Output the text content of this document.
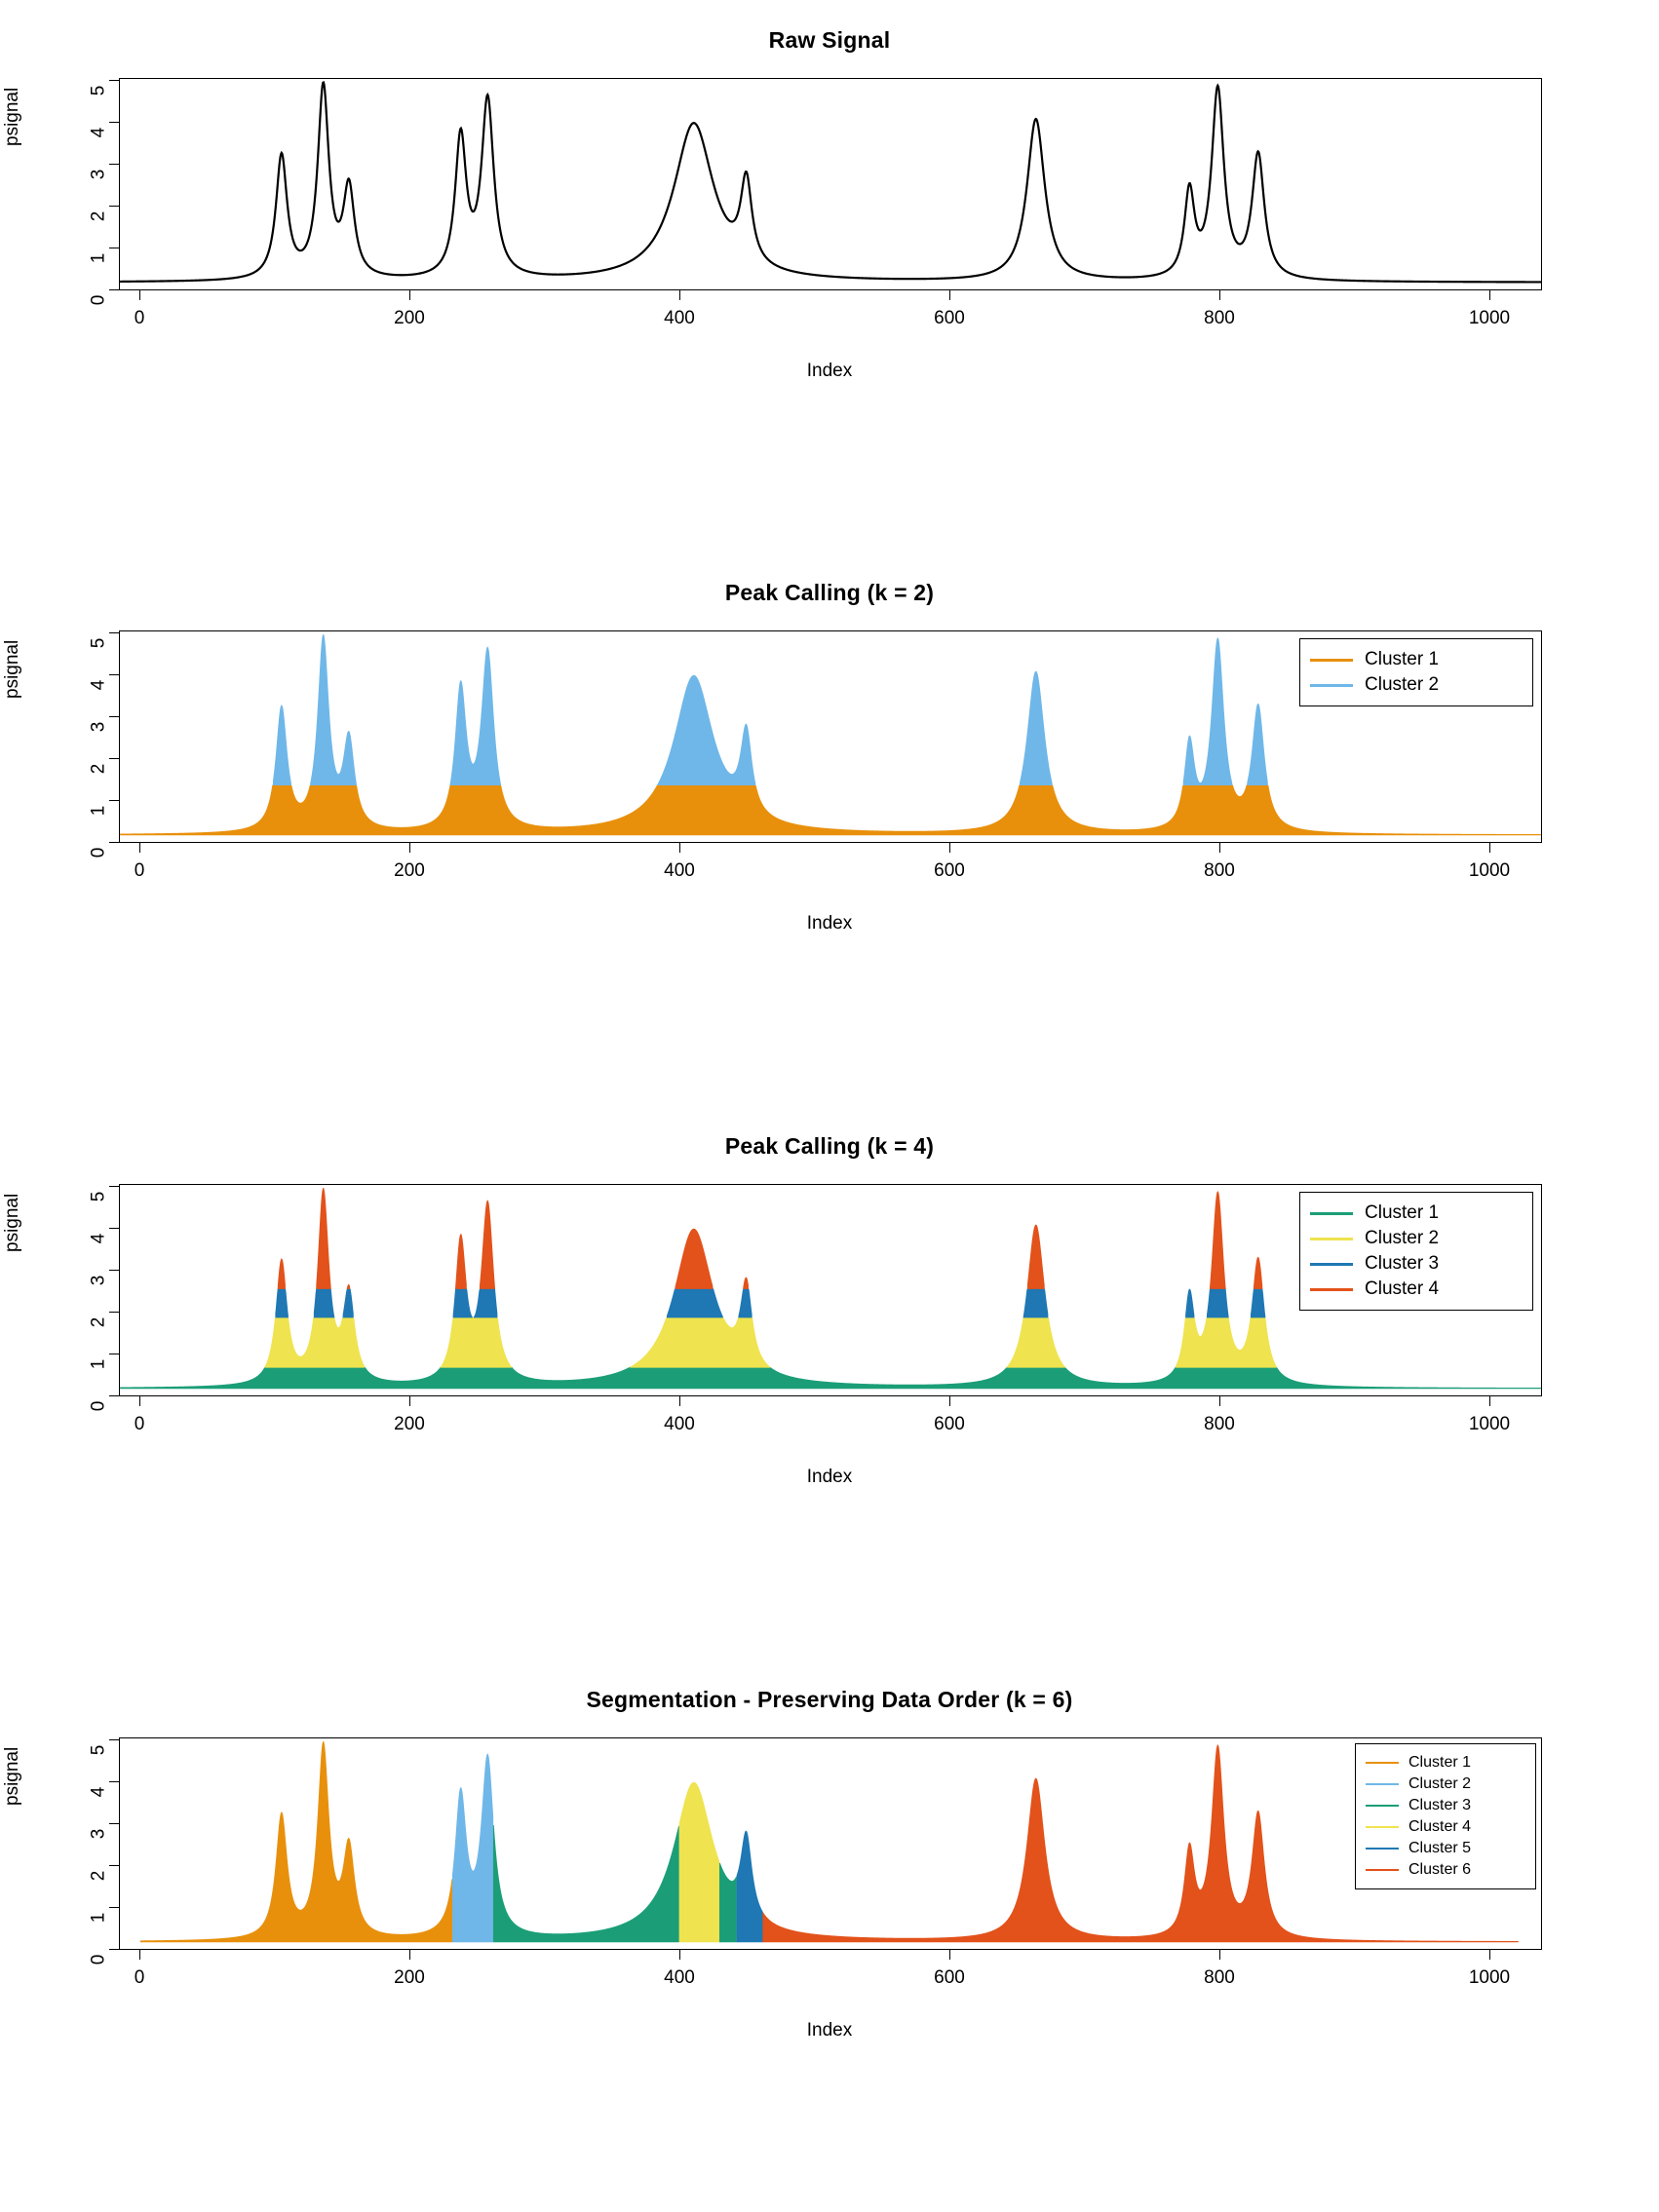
Raw Signal
psignal
0
1
2
3
4
5
0	200	400	600	800	1000
Index
Peak Calling (k = 2)
psignal
0
1
2
3
4
5
Cluster 1
Cluster 2
0	200	400	600	800	1000
Index
Peak Calling (k = 4)
psignal
0
1
2
3
4
5
Cluster 1
Cluster 2
Cluster 3
Cluster 4
0	200	400	600	800	1000
Index
Segmentation - Preserving Data Order (k = 6)
psignal
0
1
2
3
4
5
Cluster 1
Cluster 2
Cluster 3
Cluster 4
Cluster 5
Cluster 6
0	200	400	600	800	1000
Index
